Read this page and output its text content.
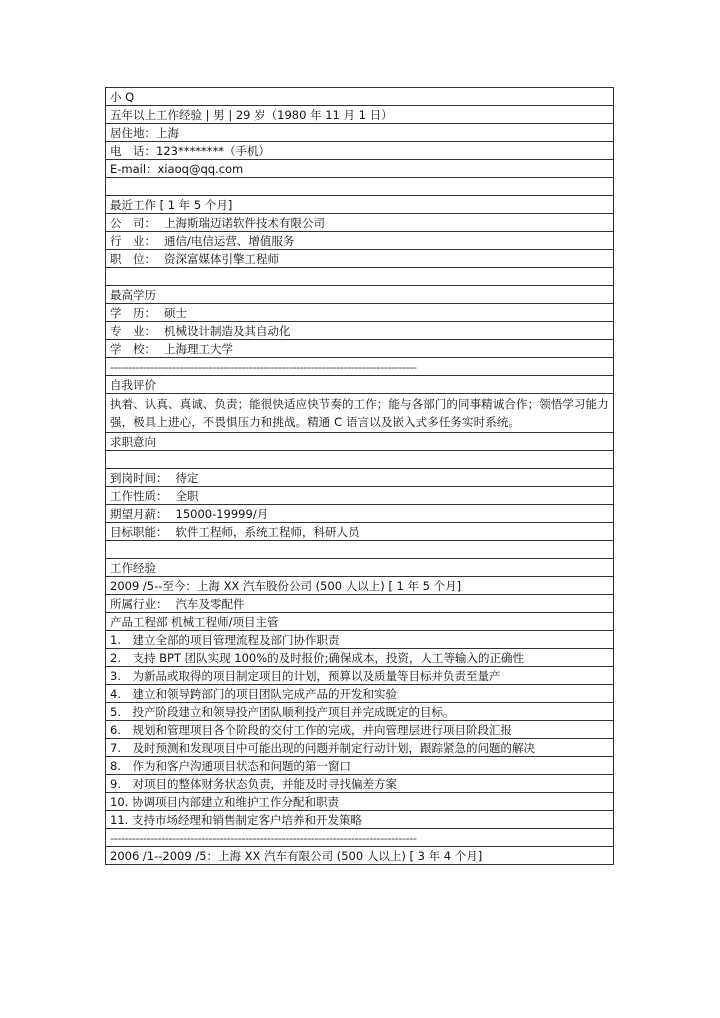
小 Q
五年以上工作经验 | 男 | 29 岁（1980 年 11 月 1 日）
居住地：上海
电　话：123********（手机）
E-mail：xiaoq@qq.com

最近工作 [ 1 年 5 个月]
公　司： 上海斯瑞迈诺软件技术有限公司
行　业： 通信/电信运营、增值服务
职　位： 资深富媒体引擎工程师

最高学历
学　历： 硕士
专　业： 机械设计制造及其自动化
学　校： 上海理工大学
------------------------------------------------------------------------------------
自我评价
执着、认真、真诚、负责；能很快适应快节奏的工作；能与各部门的同事精诚合作；领悟学习能力强，极具上进心，不畏惧压力和挑战。精通 C 语言以及嵌入式多任务实时系统。
求职意向

到岗时间： 待定
工作性质： 全职
期望月薪： 15000-19999/月
目标职能： 软件工程师，系统工程师，科研人员

工作经验
2009 /5--至今：上海 XX 汽车股份公司 (500 人以上) [ 1 年 5 个月]
所属行业： 汽车及零配件
产品工程部 机械工程师/项目主管
1.　建立全部的项目管理流程及部门协作职责
2.　支持 BPT 团队实现 100%的及时报价;确保成本，投资，人工等输入的正确性
3.　为新品或取得的项目制定项目的计划，预算以及质量等目标并负责至量产
4.　建立和领导跨部门的项目团队完成产品的开发和实验
5.　投产阶段建立和领导投产团队顺利投产项目并完成既定的目标。
6.　规划和管理项目各个阶段的交付工作的完成，并向管理层进行项目阶段汇报
7.　及时预测和发现项目中可能出现的问题并制定行动计划，跟踪紧急的问题的解决
8.　作为和客户沟通项目状态和问题的第一窗口
9.　对项目的整体财务状态负责，并能及时寻找偏差方案
10. 协调项目内部建立和维护工作分配和职责
11. 支持市场经理和销售制定客户培养和开发策略
------------------------------------------------------------------------------------
2006 /1--2009 /5：上海 XX 汽车有限公司 (500 人以上) [ 3 年 4 个月]
